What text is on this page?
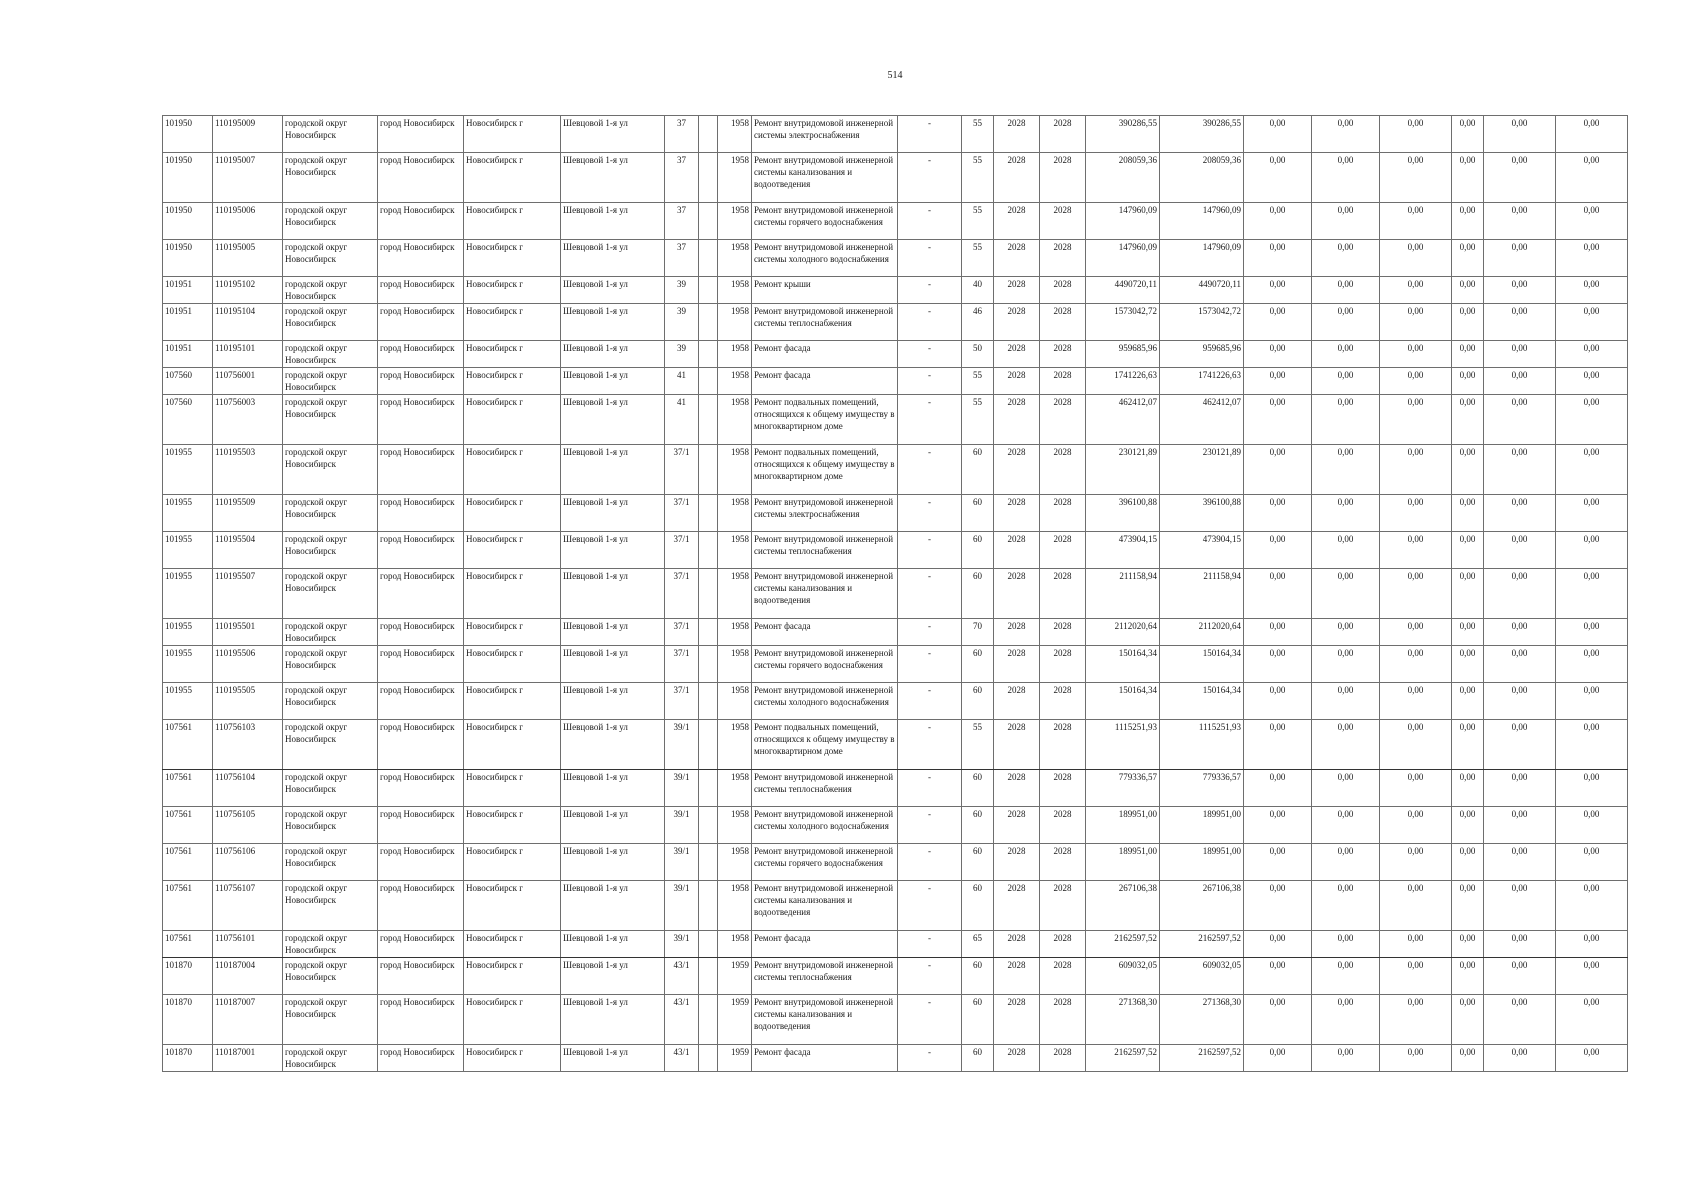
514
101950	110195009	городской округ Новосибирск	город Новосибирск	Новосибирск г	Шевцовой 1-я ул	37		1958	Ремонт внутридомовой инженерной системы электроснабжения	-	55	2028	2028	390286,55	390286,55	0,00	0,00	0,00	0,00	0,00	0,00
101950	110195007	городской округ Новосибирск	город Новосибирск	Новосибирск г	Шевцовой 1-я ул	37		1958	Ремонт внутридомовой инженерной системы канализования и водоотведения	-	55	2028	2028	208059,36	208059,36	0,00	0,00	0,00	0,00	0,00	0,00
101950	110195006	городской округ Новосибирск	город Новосибирск	Новосибирск г	Шевцовой 1-я ул	37		1958	Ремонт внутридомовой инженерной системы горячего водоснабжения	-	55	2028	2028	147960,09	147960,09	0,00	0,00	0,00	0,00	0,00	0,00
101950	110195005	городской округ Новосибирск	город Новосибирск	Новосибирск г	Шевцовой 1-я ул	37		1958	Ремонт внутридомовой инженерной системы холодного водоснабжения	-	55	2028	2028	147960,09	147960,09	0,00	0,00	0,00	0,00	0,00	0,00
101951	110195102	городской округ Новосибирск	город Новосибирск	Новосибирск г	Шевцовой 1-я ул	39		1958	Ремонт крыши	-	40	2028	2028	4490720,11	4490720,11	0,00	0,00	0,00	0,00	0,00	0,00
101951	110195104	городской округ Новосибирск	город Новосибирск	Новосибирск г	Шевцовой 1-я ул	39		1958	Ремонт внутридомовой инженерной системы теплоснабжения	-	46	2028	2028	1573042,72	1573042,72	0,00	0,00	0,00	0,00	0,00	0,00
101951	110195101	городской округ Новосибирск	город Новосибирск	Новосибирск г	Шевцовой 1-я ул	39		1958	Ремонт фасада	-	50	2028	2028	959685,96	959685,96	0,00	0,00	0,00	0,00	0,00	0,00
107560	110756001	городской округ Новосибирск	город Новосибирск	Новосибирск г	Шевцовой 1-я ул	41		1958	Ремонт фасада	-	55	2028	2028	1741226,63	1741226,63	0,00	0,00	0,00	0,00	0,00	0,00
107560	110756003	городской округ Новосибирск	город Новосибирск	Новосибирск г	Шевцовой 1-я ул	41		1958	Ремонт подвальных помещений, относящихся к общему имуществу в многоквартирном доме	-	55	2028	2028	462412,07	462412,07	0,00	0,00	0,00	0,00	0,00	0,00
101955	110195503	городской округ Новосибирск	город Новосибирск	Новосибирск г	Шевцовой 1-я ул	37/1		1958	Ремонт подвальных помещений, относящихся к общему имуществу в многоквартирном доме	-	60	2028	2028	230121,89	230121,89	0,00	0,00	0,00	0,00	0,00	0,00
101955	110195509	городской округ Новосибирск	город Новосибирск	Новосибирск г	Шевцовой 1-я ул	37/1		1958	Ремонт внутридомовой инженерной системы электроснабжения	-	60	2028	2028	396100,88	396100,88	0,00	0,00	0,00	0,00	0,00	0,00
101955	110195504	городской округ Новосибирск	город Новосибирск	Новосибирск г	Шевцовой 1-я ул	37/1		1958	Ремонт внутридомовой инженерной системы теплоснабжения	-	60	2028	2028	473904,15	473904,15	0,00	0,00	0,00	0,00	0,00	0,00
101955	110195507	городской округ Новосибирск	город Новосибирск	Новосибирск г	Шевцовой 1-я ул	37/1		1958	Ремонт внутридомовой инженерной системы канализования и водоотведения	-	60	2028	2028	211158,94	211158,94	0,00	0,00	0,00	0,00	0,00	0,00
101955	110195501	городской округ Новосибирск	город Новосибирск	Новосибирск г	Шевцовой 1-я ул	37/1		1958	Ремонт фасада	-	70	2028	2028	2112020,64	2112020,64	0,00	0,00	0,00	0,00	0,00	0,00
101955	110195506	городской округ Новосибирск	город Новосибирск	Новосибирск г	Шевцовой 1-я ул	37/1		1958	Ремонт внутридомовой инженерной системы горячего водоснабжения	-	60	2028	2028	150164,34	150164,34	0,00	0,00	0,00	0,00	0,00	0,00
101955	110195505	городской округ Новосибирск	город Новосибирск	Новосибирск г	Шевцовой 1-я ул	37/1		1958	Ремонт внутридомовой инженерной системы холодного водоснабжения	-	60	2028	2028	150164,34	150164,34	0,00	0,00	0,00	0,00	0,00	0,00
107561	110756103	городской округ Новосибирск	город Новосибирск	Новосибирск г	Шевцовой 1-я ул	39/1		1958	Ремонт подвальных помещений, относящихся к общему имуществу в многоквартирном доме	-	55	2028	2028	1115251,93	1115251,93	0,00	0,00	0,00	0,00	0,00	0,00
107561	110756104	городской округ Новосибирск	город Новосибирск	Новосибирск г	Шевцовой 1-я ул	39/1		1958	Ремонт внутридомовой инженерной системы теплоснабжения	-	60	2028	2028	779336,57	779336,57	0,00	0,00	0,00	0,00	0,00	0,00
107561	110756105	городской округ Новосибирск	город Новосибирск	Новосибирск г	Шевцовой 1-я ул	39/1		1958	Ремонт внутридомовой инженерной системы холодного водоснабжения	-	60	2028	2028	189951,00	189951,00	0,00	0,00	0,00	0,00	0,00	0,00
107561	110756106	городской округ Новосибирск	город Новосибирск	Новосибирск г	Шевцовой 1-я ул	39/1		1958	Ремонт внутридомовой инженерной системы горячего водоснабжения	-	60	2028	2028	189951,00	189951,00	0,00	0,00	0,00	0,00	0,00	0,00
107561	110756107	городской округ Новосибирск	город Новосибирск	Новосибирск г	Шевцовой 1-я ул	39/1		1958	Ремонт внутридомовой инженерной системы канализования и водоотведения	-	60	2028	2028	267106,38	267106,38	0,00	0,00	0,00	0,00	0,00	0,00
107561	110756101	городской округ Новосибирск	город Новосибирск	Новосибирск г	Шевцовой 1-я ул	39/1		1958	Ремонт фасада	-	65	2028	2028	2162597,52	2162597,52	0,00	0,00	0,00	0,00	0,00	0,00
101870	110187004	городской округ Новосибирск	город Новосибирск	Новосибирск г	Шевцовой 1-я ул	43/1		1959	Ремонт внутридомовой инженерной системы теплоснабжения	-	60	2028	2028	609032,05	609032,05	0,00	0,00	0,00	0,00	0,00	0,00
101870	110187007	городской округ Новосибирск	город Новосибирск	Новосибирск г	Шевцовой 1-я ул	43/1		1959	Ремонт внутридомовой инженерной системы канализования и водоотведения	-	60	2028	2028	271368,30	271368,30	0,00	0,00	0,00	0,00	0,00	0,00
101870	110187001	городской округ Новосибирск	город Новосибирск	Новосибирск г	Шевцовой 1-я ул	43/1		1959	Ремонт фасада	-	60	2028	2028	2162597,52	2162597,52	0,00	0,00	0,00	0,00	0,00	0,00
